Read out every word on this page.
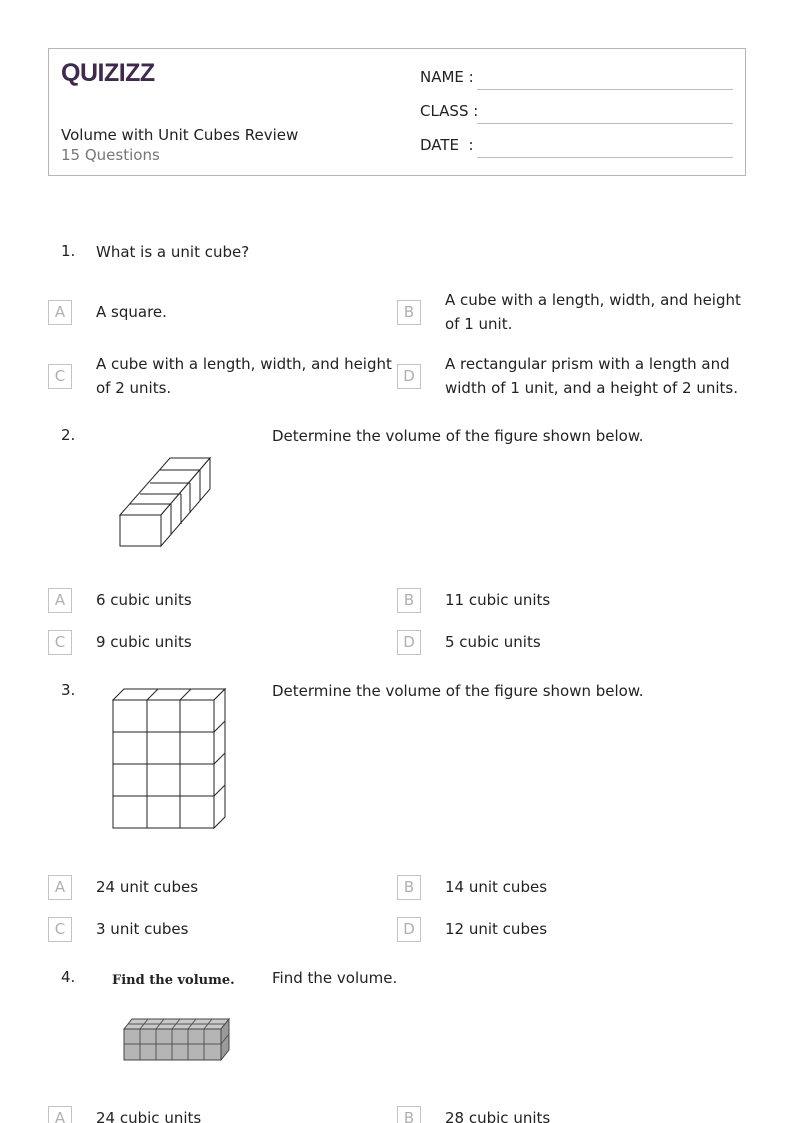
QUIZIZZ
Volume with Unit Cubes Review
15 Questions
NAME :
CLASS :
DATE  :
1. What is a unit cube?
A	A square.	B
A cube with a length, width, and height of 1 unit.
C
A cube with a length, width, and height of 2 units.
D
A rectangular prism with a length and width of 1 unit, and a height of 2 units.
2.	Determine the volume of the figure shown below.
A	6 cubic units	B	11 cubic units
C	9 cubic units	D	5 cubic units
3.	Determine the volume of the figure shown below.
A	24 unit cubes	B	14 unit cubes
C	3 unit cubes	D	12 unit cubes
4.	Find the volume. Find the volume.
A	24 cubic units	B	28 cubic units
